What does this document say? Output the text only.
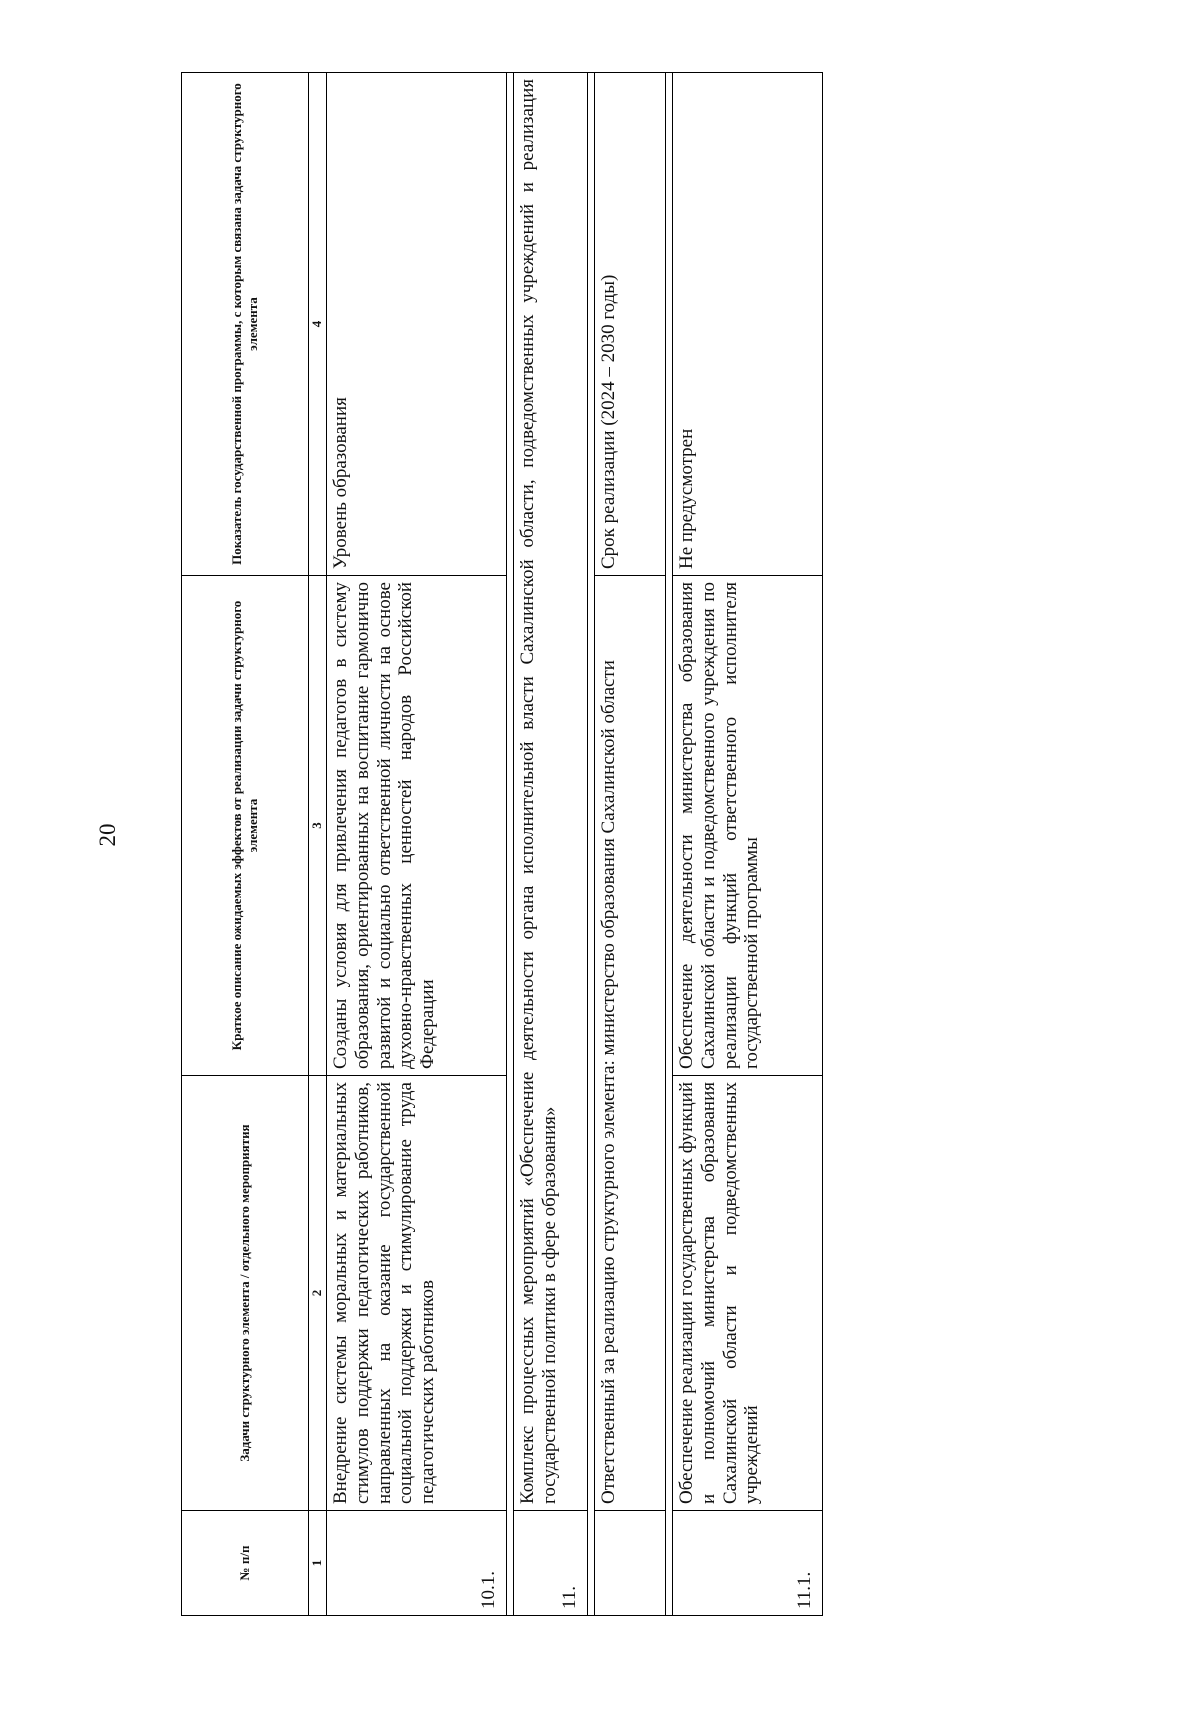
20
№ п/п	Задачи структурного элемента / отдельного мероприятия	Краткое описание ожидаемых эффектов от реализации задачи структурного элемента	Показатель государственной программы, с которым связана задача структурного элемента
1	2	3	4
10.1.	Внедрение системы моральных и материальных стимулов поддержки педагогических работников, направленных на оказание государственной социальной поддержки и стимулирование труда педагогических работников	Созданы условия для привлечения педагогов в систему образования, ориентированных на воспитание гармонично развитой и социально ответственной личности на основе духовно-нравственных ценностей народов Российской Федерации	Уровень образования

11.	Комплекс процессных мероприятий «Обеспечение деятельности органа исполнительной власти Сахалинской области, подведомственных учреждений и реализация государственной политики в сфере образования»		

	Ответственный за реализацию структурного элемента: министерство образования Сахалинской области		Срок реализации (2024 – 2030 годы)

11.1.	Обеспечение реализации государственных функций и полномочий министерства образования Сахалинской области и подведомственных учреждений	Обеспечение деятельности министерства образования Сахалинской области и подведомственного учреждения по реализации функций ответственного исполнителя государственной программы	Не предусмотрен
